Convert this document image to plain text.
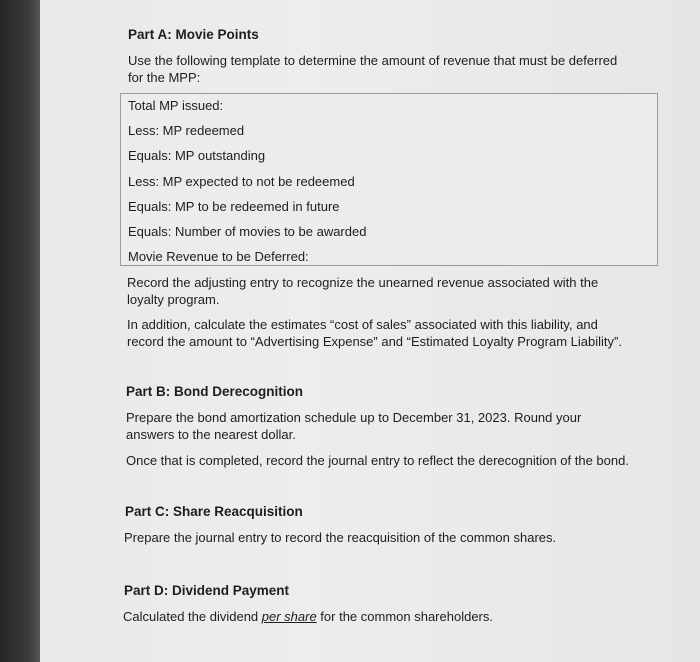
Part A: Movie Points
Use the following template to determine the amount of revenue that must be deferred
for the MPP:
Total MP issued:
Less: MP redeemed
Equals: MP outstanding
Less: MP expected to not be redeemed
Equals: MP to be redeemed in future
Equals: Number of movies to be awarded
Movie Revenue to be Deferred:
Record the adjusting entry to recognize the unearned revenue associated with the
loyalty program.
In addition, calculate the estimates “cost of sales” associated with this liability, and
record the amount to “Advertising Expense” and “Estimated Loyalty Program Liability”.
Part B: Bond Derecognition
Prepare the bond amortization schedule up to December 31, 2023. Round your
answers to the nearest dollar.
Once that is completed, record the journal entry to reflect the derecognition of the bond.
Part C: Share Reacquisition
Prepare the journal entry to record the reacquisition of the common shares.
Part D: Dividend Payment
Calculated the dividend per share for the common shareholders.
